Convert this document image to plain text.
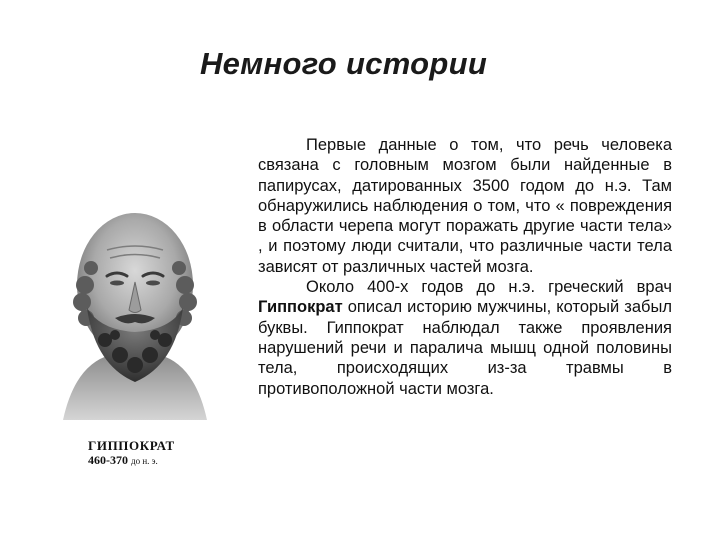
Немного истории
ГИППОКРАТ
460-370 до н. э.

Первые данные о том, что речь человека связана с головным мозгом были найденные в папирусах, датированных 3500 годом до н.э. Там обнаружились наблюдения о том, что « повреждения в области черепа могут поражать другие части тела» , и поэтому люди считали, что различные части тела зависят от различных частей мозга.

Около 400-х годов до н.э. греческий врач Гиппократ описал историю мужчины, который забыл буквы. Гиппократ наблюдал также проявления нарушений речи и паралича мышц одной половины тела, происходящих из-за травмы в противоположной части мозга.
